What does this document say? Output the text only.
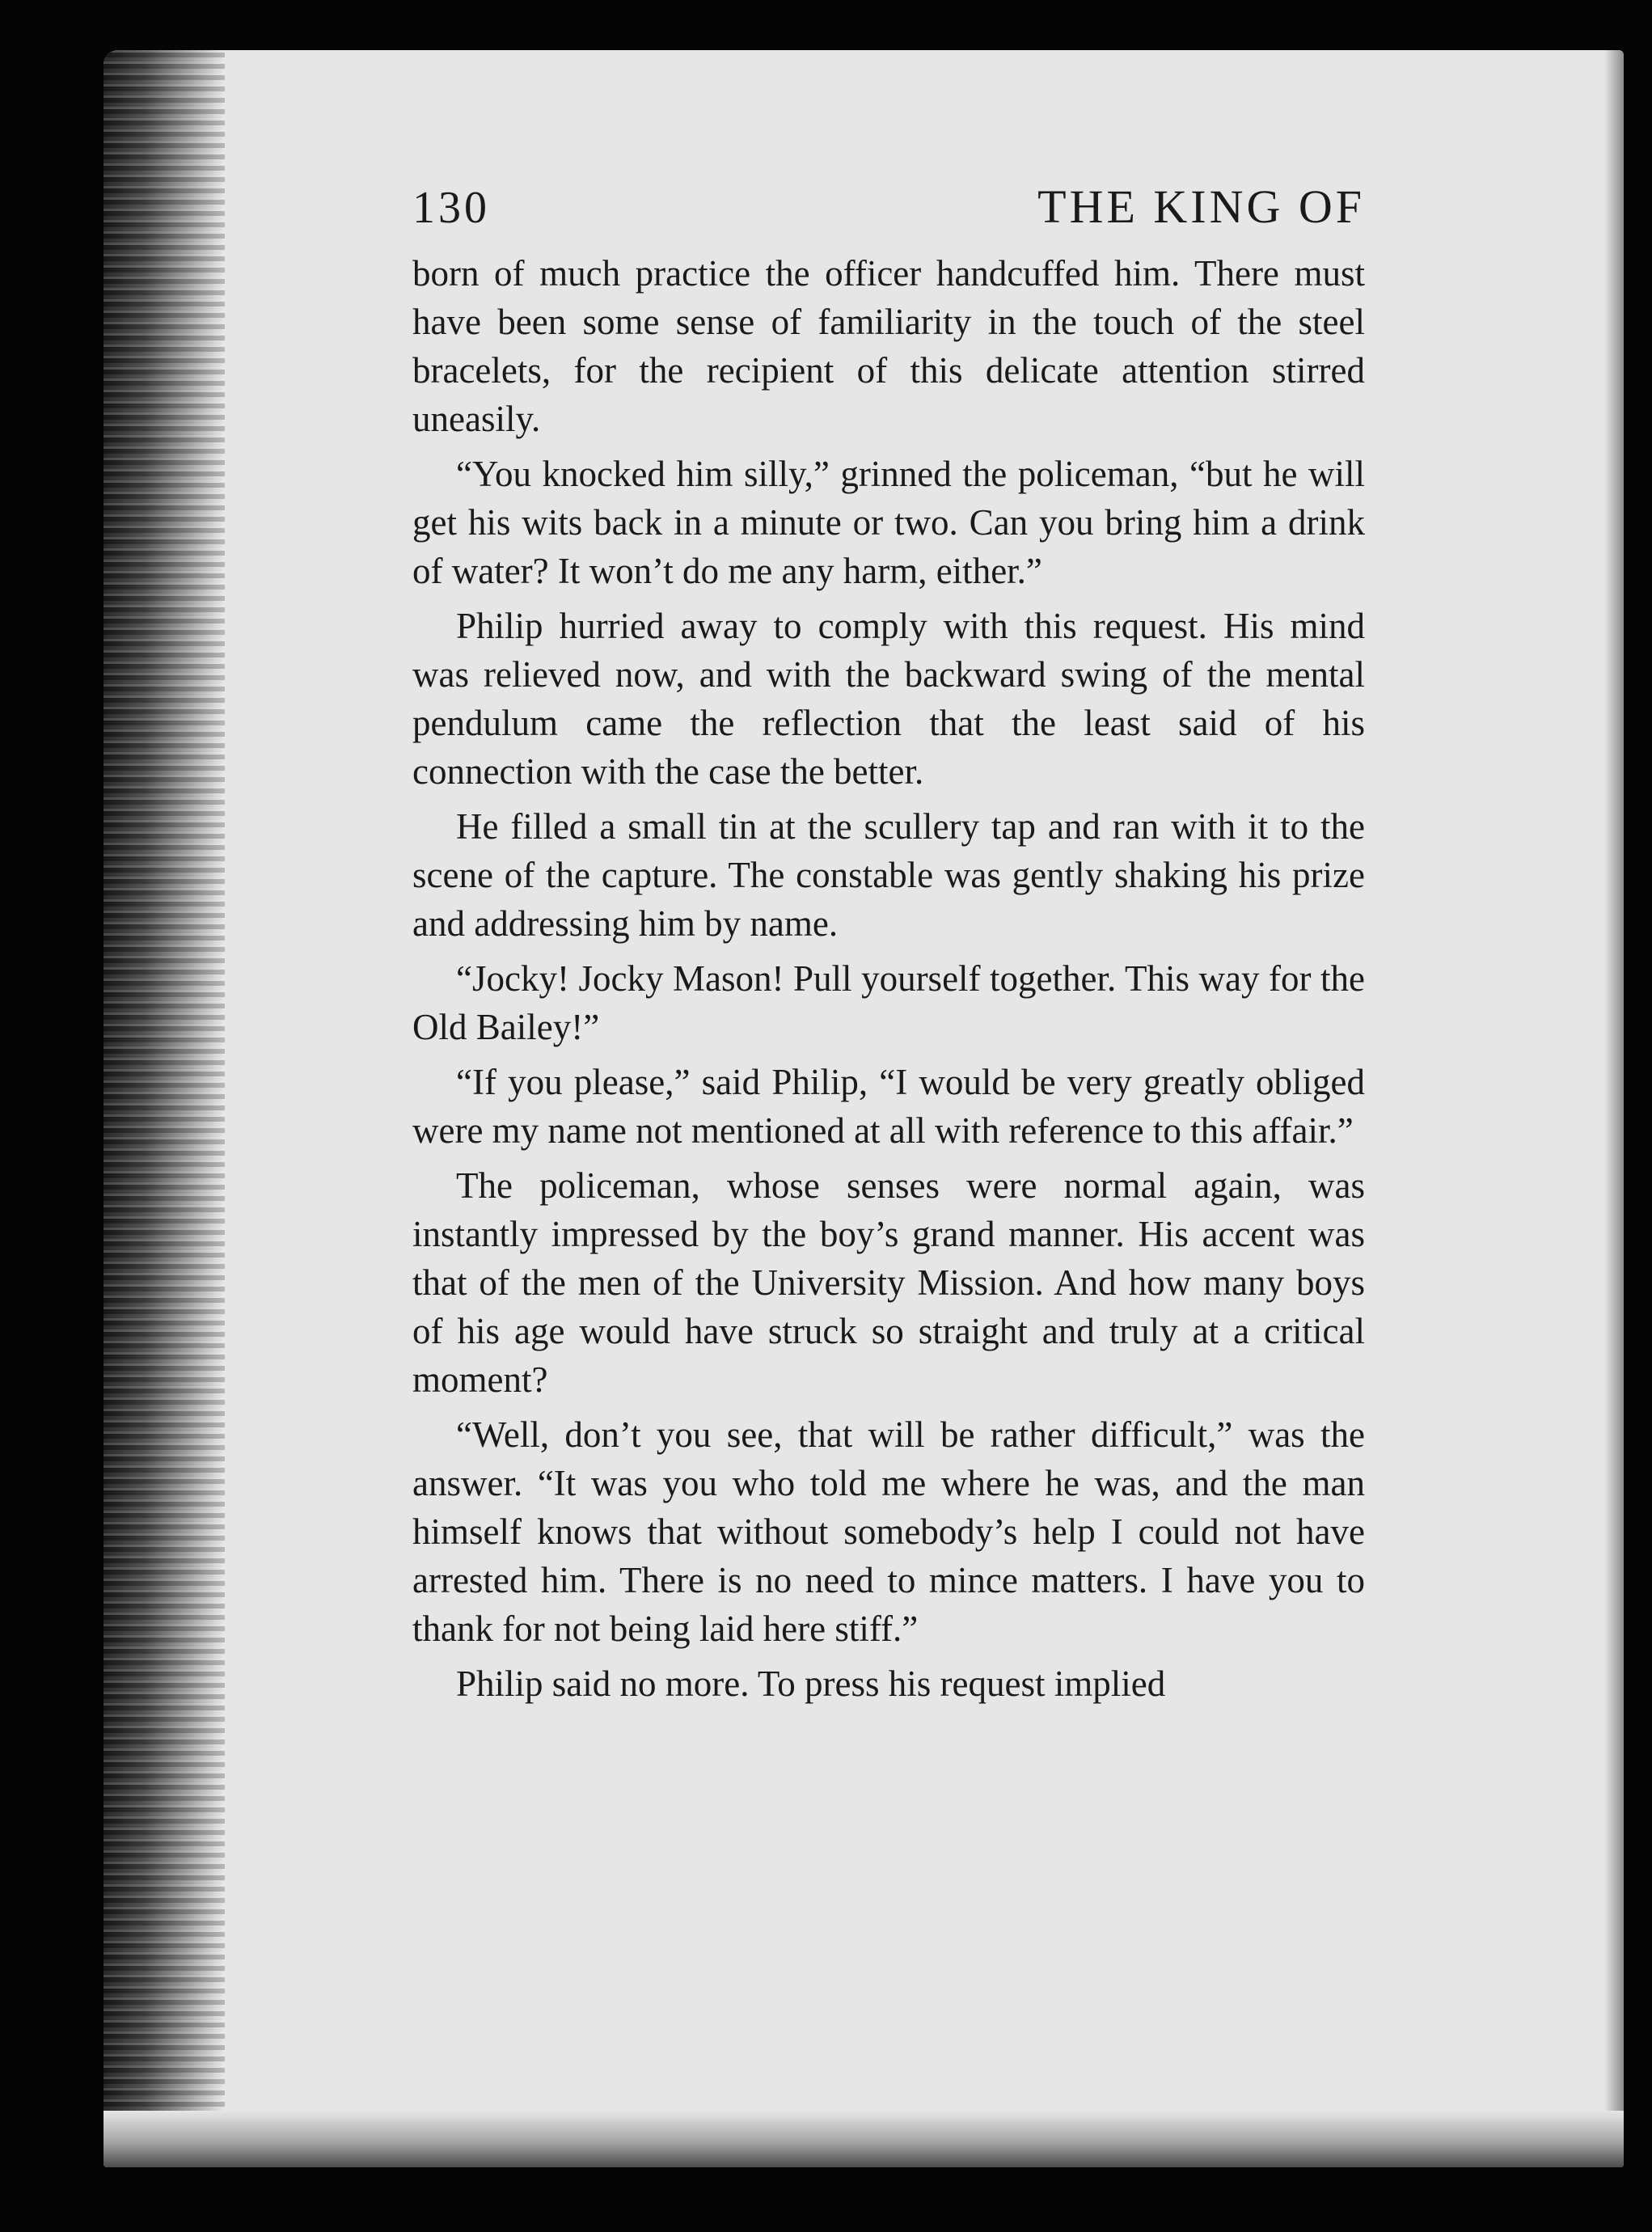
130	THE KING OF

born of much practice the officer handcuffed him. There must have been some sense of familiarity in the touch of the steel bracelets, for the recipient of this delicate attention stirred uneasily.

“You knocked him silly,” grinned the policeman, “but he will get his wits back in a minute or two. Can you bring him a drink of water? It won’t do me any harm, either.”

Philip hurried away to comply with this request. His mind was relieved now, and with the backward swing of the mental pendulum came the reflection that the least said of his connection with the case the better.

He filled a small tin at the scullery tap and ran with it to the scene of the capture. The constable was gently shaking his prize and addressing him by name.

“Jocky! Jocky Mason! Pull yourself together. This way for the Old Bailey!”

“If you please,” said Philip, “I would be very greatly obliged were my name not mentioned at all with reference to this affair.”

The policeman, whose senses were normal again, was instantly impressed by the boy’s grand manner. His accent was that of the men of the University Mission. And how many boys of his age would have struck so straight and truly at a critical moment?

“Well, don’t you see, that will be rather difficult,” was the answer. “It was you who told me where he was, and the man himself knows that without somebody’s help I could not have arrested him. There is no need to mince matters. I have you to thank for not being laid here stiff.”

Philip said no more. To press his request implied
